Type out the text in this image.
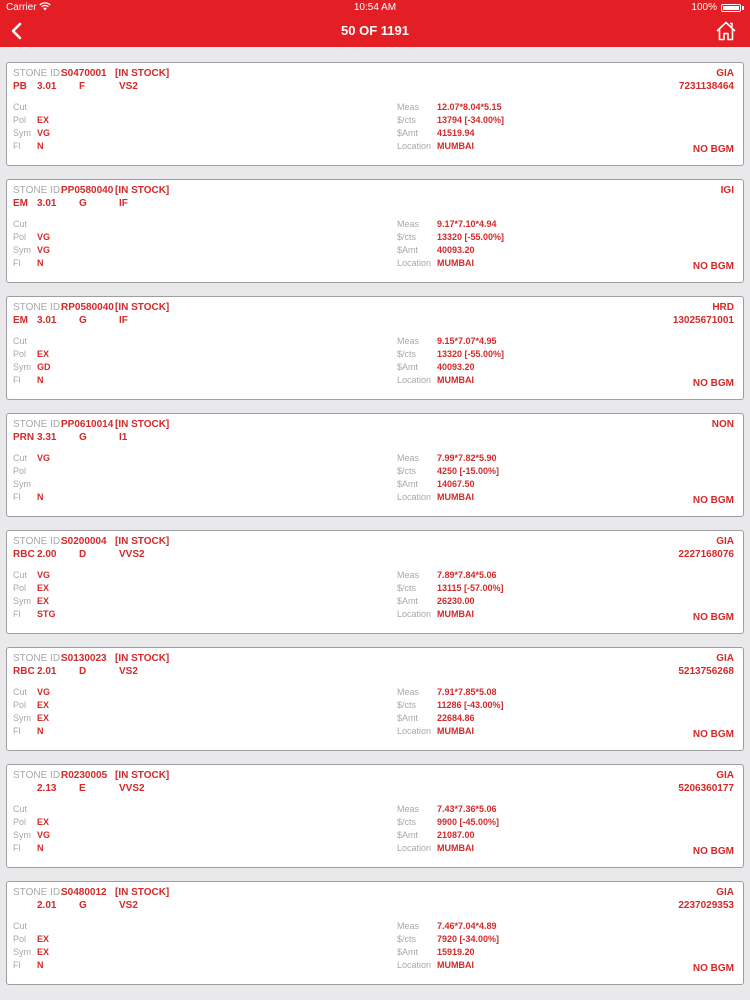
Carrier	10:54 AM	100%
50 OF 1191
STONE ID:
S0470001 [IN STOCK]	GIA
PB 3.01 F	VS2	7231138464
Cut
Pol EX
Sym VG
Fl N
Meas 12.07*8.04*5.15
$/cts 13794 [-34.00%]
$Amt 41519.94
Location MUMBAI	NO BGM
STONE ID:
PP0580040 [IN STOCK]	IGI
EM 3.01 G	IF
Cut
Pol VG
Sym VG
Fl N
Meas 9.17*7.10*4.94
$/cts 13320 [-55.00%]
$Amt 40093.20
Location MUMBAI	NO BGM
STONE ID:
RP0580040 [IN STOCK]	HRD
EM 3.01 G	IF	13025671001
Cut
Pol EX
Sym GD
Fl N
Meas 9.15*7.07*4.95
$/cts 13320 [-55.00%]
$Amt 40093.20
Location MUMBAI	NO BGM
STONE ID:
PP0610014 [IN STOCK]	NON
PRN 3.31 G	I1
Cut VG
Pol
Sym
Fl N
Meas 7.99*7.82*5.90
$/cts 4250 [-15.00%]
$Amt 14067.50
Location MUMBAI	NO BGM
STONE ID:
S0200004 [IN STOCK]	GIA
RBC 2.00 D	VVS2	2227168076
Cut VG
Pol EX
Sym EX
Fl STG
Meas 7.89*7.84*5.06
$/cts 13115 [-57.00%]
$Amt 26230.00
Location MUMBAI	NO BGM
STONE ID:
S0130023 [IN STOCK]	GIA
RBC 2.01 D	VS2	5213756268
Cut VG
Pol EX
Sym EX
Fl N
Meas 7.91*7.85*5.08
$/cts 11286 [-43.00%]
$Amt 22684.86
Location MUMBAI	NO BGM
STONE ID:
R0230005 [IN STOCK]	GIA
2.13 E	VVS2	5206360177
Cut
Pol EX
Sym VG
Fl N
Meas 7.43*7.36*5.06
$/cts 9900 [-45.00%]
$Amt 21087.00
Location MUMBAI	NO BGM
STONE ID:
S0480012 [IN STOCK]	GIA
2.01 G	VS2	2237029353
Cut
Pol EX
Sym EX
Fl N
Meas 7.46*7.04*4.89
$/cts 7920 [-34.00%]
$Amt 15919.20
Location MUMBAI	NO BGM
